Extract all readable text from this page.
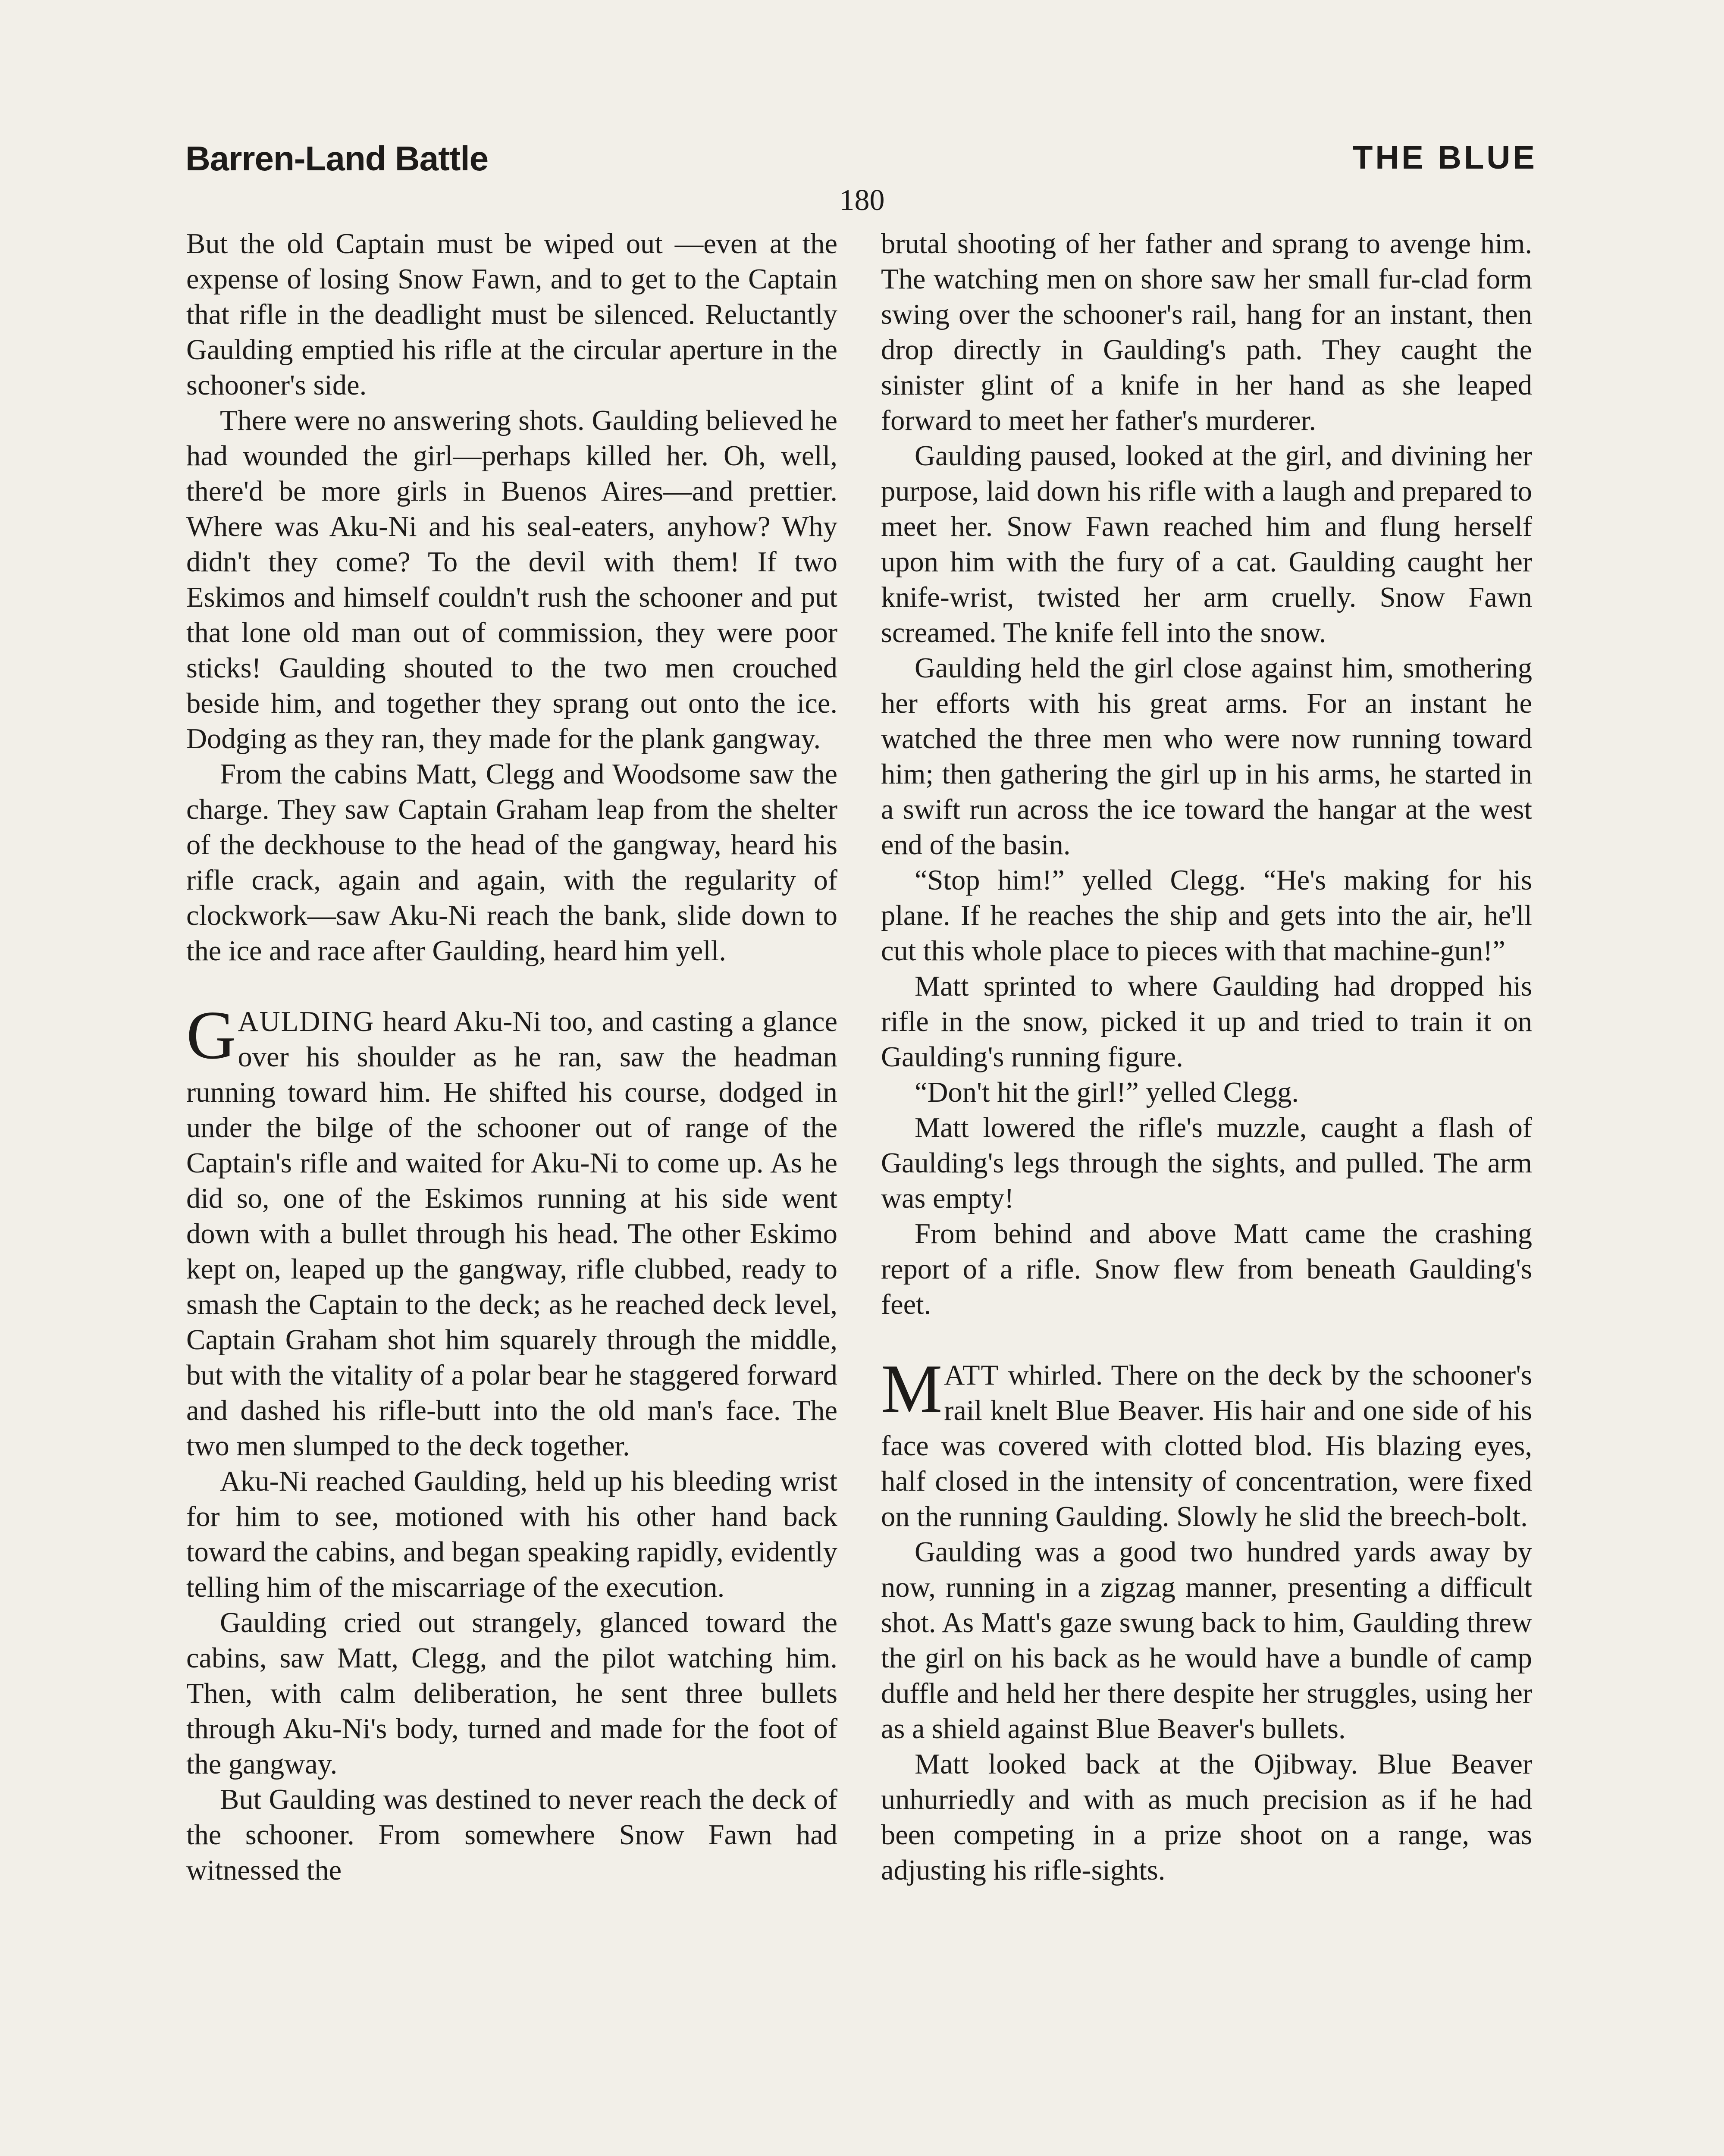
Barren-Land Battle	THE BLUE
180

But the old Captain must be wiped out —even at the expense of losing Snow Fawn, and to get to the Captain that rifle in the deadlight must be silenced. Reluctantly Gaulding emptied his rifle at the circular aperture in the schooner's side.

There were no answering shots. Gaulding believed he had wounded the girl—perhaps killed her. Oh, well, there'd be more girls in Buenos Aires—and prettier. Where was Aku-Ni and his seal-eaters, anyhow? Why didn't they come? To the devil with them! If two Eskimos and himself couldn't rush the schooner and put that lone old man out of commission, they were poor sticks! Gaulding shouted to the two men crouched beside him, and together they sprang out onto the ice. Dodging as they ran, they made for the plank gangway.

From the cabins Matt, Clegg and Woodsome saw the charge. They saw Captain Graham leap from the shelter of the deckhouse to the head of the gangway, heard his rifle crack, again and again, with the regularity of clockwork—saw Aku-Ni reach the bank, slide down to the ice and race after Gaulding, heard him yell.

GAULDING heard Aku-Ni too, and casting a glance over his shoulder as he ran, saw the headman running toward him. He shifted his course, dodged in under the bilge of the schooner out of range of the Captain's rifle and waited for Aku-Ni to come up. As he did so, one of the Eskimos running at his side went down with a bullet through his head. The other Eskimo kept on, leaped up the gangway, rifle clubbed, ready to smash the Captain to the deck; as he reached deck level, Captain Graham shot him squarely through the middle, but with the vitality of a polar bear he staggered forward and dashed his rifle-butt into the old man's face. The two men slumped to the deck together.

Aku-Ni reached Gaulding, held up his bleeding wrist for him to see, motioned with his other hand back toward the cabins, and began speaking rapidly, evidently telling him of the miscarriage of the execution.

Gaulding cried out strangely, glanced toward the cabins, saw Matt, Clegg, and the pilot watching him. Then, with calm deliberation, he sent three bullets through Aku-Ni's body, turned and made for the foot of the gangway.

But Gaulding was destined to never reach the deck of the schooner. From somewhere Snow Fawn had witnessed the

brutal shooting of her father and sprang to avenge him. The watching men on shore saw her small fur-clad form swing over the schooner's rail, hang for an instant, then drop directly in Gaulding's path. They caught the sinister glint of a knife in her hand as she leaped forward to meet her father's murderer.

Gaulding paused, looked at the girl, and divining her purpose, laid down his rifle with a laugh and prepared to meet her. Snow Fawn reached him and flung herself upon him with the fury of a cat. Gaulding caught her knife-wrist, twisted her arm cruelly. Snow Fawn screamed. The knife fell into the snow.

Gaulding held the girl close against him, smothering her efforts with his great arms. For an instant he watched the three men who were now running toward him; then gathering the girl up in his arms, he started in a swift run across the ice toward the hangar at the west end of the basin.

“Stop him!” yelled Clegg. “He's making for his plane. If he reaches the ship and gets into the air, he'll cut this whole place to pieces with that machine-gun!”

Matt sprinted to where Gaulding had dropped his rifle in the snow, picked it up and tried to train it on Gaulding's running figure.

“Don't hit the girl!” yelled Clegg.

Matt lowered the rifle's muzzle, caught a flash of Gaulding's legs through the sights, and pulled. The arm was empty!

From behind and above Matt came the crashing report of a rifle. Snow flew from beneath Gaulding's feet.

MATT whirled. There on the deck by the schooner's rail knelt Blue Beaver. His hair and one side of his face was covered with clotted blod. His blazing eyes, half closed in the intensity of concentration, were fixed on the running Gaulding. Slowly he slid the breech-bolt.

Gaulding was a good two hundred yards away by now, running in a zigzag manner, presenting a difficult shot. As Matt's gaze swung back to him, Gaulding threw the girl on his back as he would have a bundle of camp duffle and held her there despite her struggles, using her as a shield against Blue Beaver's bullets.

Matt looked back at the Ojibway. Blue Beaver unhurriedly and with as much precision as if he had been competing in a prize shoot on a range, was adjusting his rifle-sights.
